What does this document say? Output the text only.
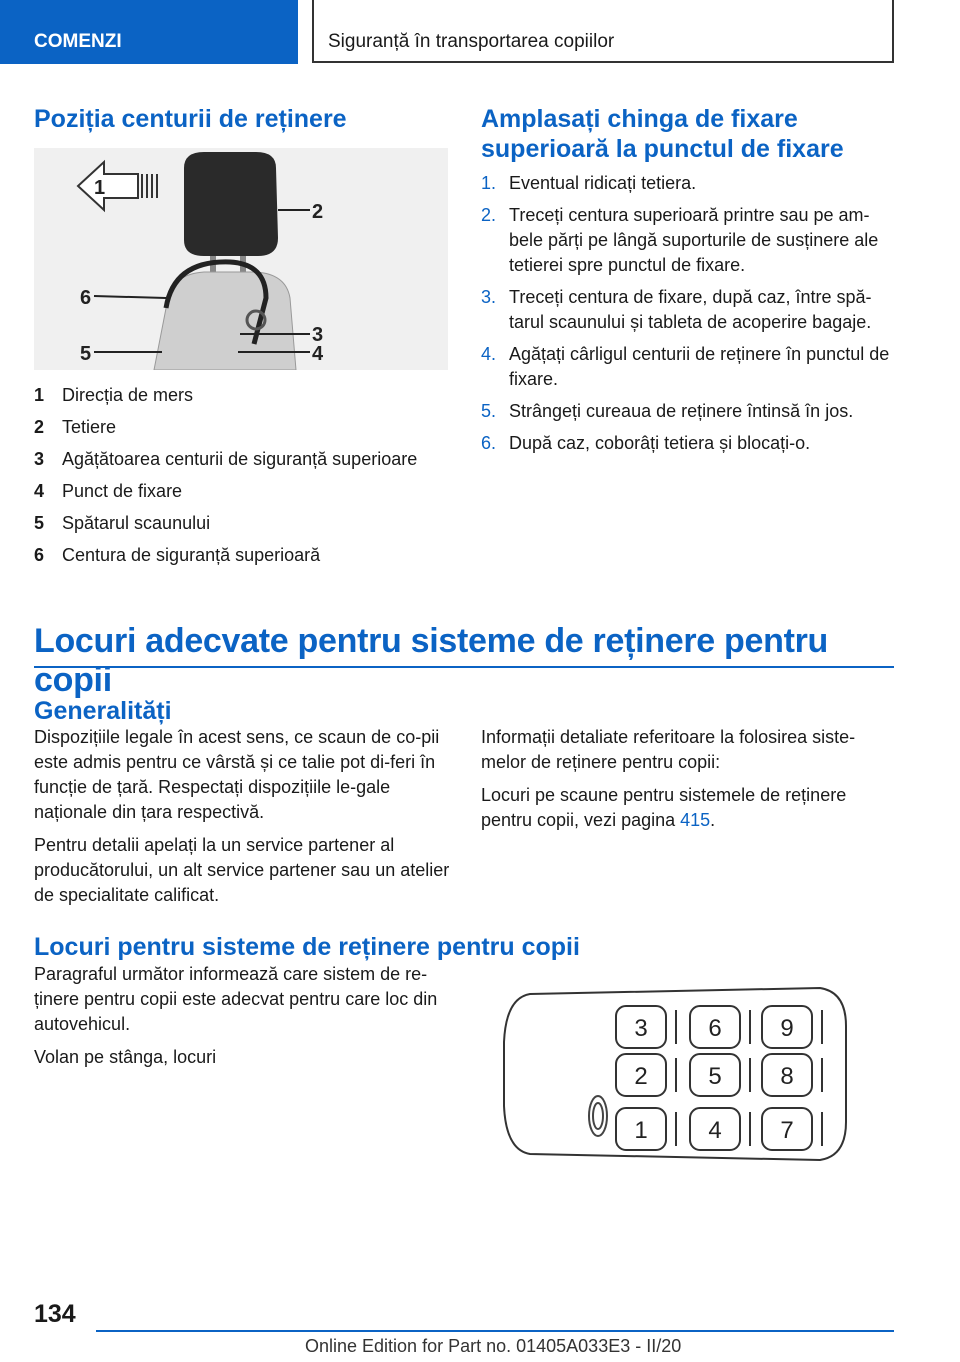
COMENZI	Siguranță în transportarea copiilor
Poziția centurii de reținere
1
2
6
3
4
5
1 Direcția de mers
2 Tetiere
3 Agățătoarea centurii de siguranță superioare
4 Punct de fixare
5 Spătarul scaunului
6 Centura de siguranță superioară
Amplasați chinga de fixare
superioară la punctul de fixare
1. Eventual ridicați tetiera.
2. Treceți centura superioară printre sau pe am-bele părți pe lângă suporturile de susținere ale tetierei spre punctul de fixare.
3. Treceți centura de fixare, după caz, între spă-tarul scaunului și tableta de acoperire bagaje.
4. Agățați cârligul centurii de reținere în punctul de fixare.
5. Strângeți cureaua de reținere întinsă în jos.
6. După caz, coborâți tetiera și blocați-o.
Locuri adecvate pentru sisteme de reținere pentru copii
Generalități

Dispozițiile legale în acest sens, ce scaun de co-pii este admis pentru ce vârstă și ce talie pot di-feri în funcție de țară. Respectați dispozițiile le-gale naționale din țara respectivă.

Pentru detalii apelați la un service partener al producătorului, un alt service partener sau un atelier de specialitate calificat.

Informații detaliate referitoare la folosirea siste-melor de reținere pentru copii:

Locuri pe scaune pentru sistemele de reținere pentru copii, vezi pagina 415.

Locuri pentru sisteme de reținere pentru copii

Paragraful următor informează care sistem de re-ținere pentru copii este adecvat pentru care loc din autovehicul.

Volan pe stânga, locuri

3	6 9
2	5 8
1	4 7
134
Online Edition for Part no. 01405A033E3 - II/20
